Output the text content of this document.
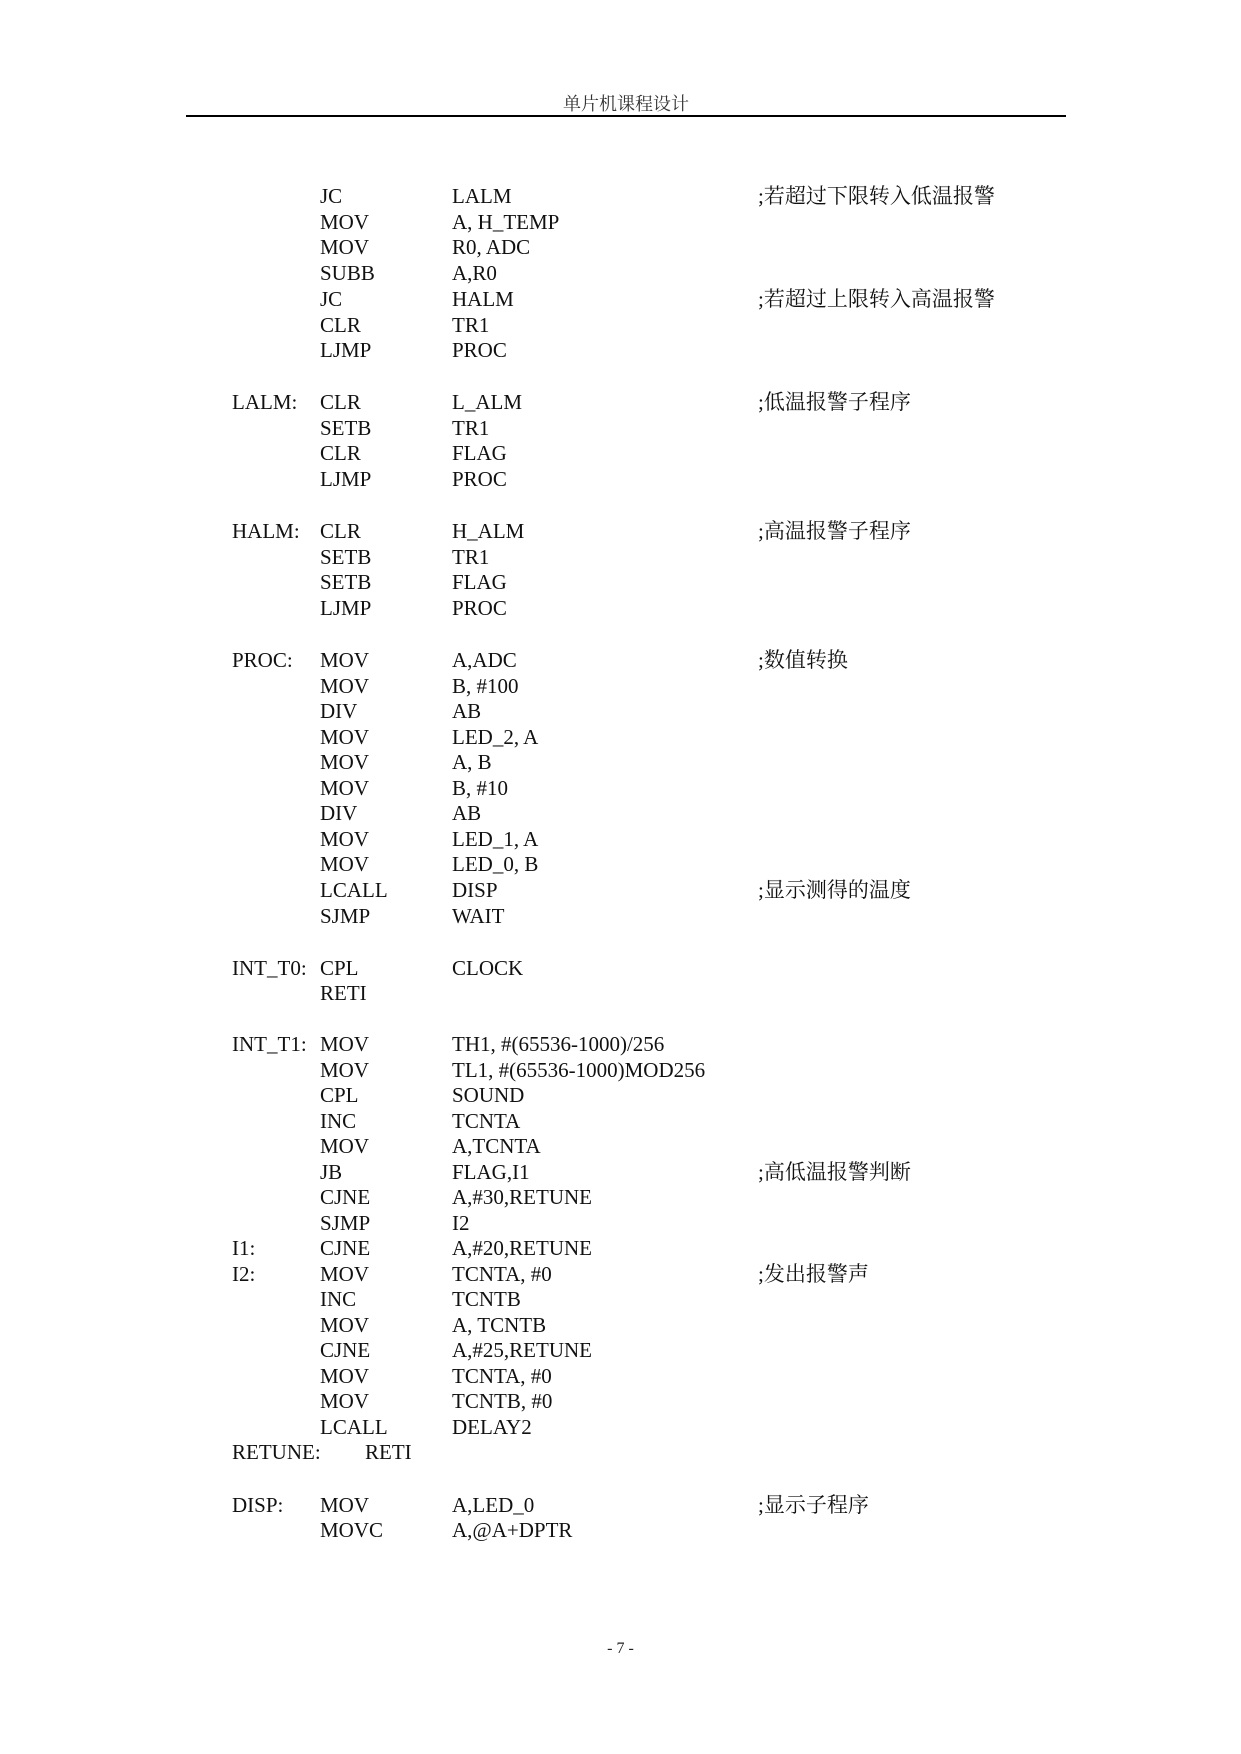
单片机课程设计
JC	LALM	;若超过下限转入低温报警
MOV	A, H_TEMP
MOV	R0, ADC
SUBB	A,R0
JC	HALM	;若超过上限转入高温报警
CLR	TR1
LJMP	PROC
LALM: CLR	L_ALM	;低温报警子程序
SETB	TR1
CLR	FLAG
LJMP	PROC
HALM: CLR	H_ALM	;高温报警子程序
SETB	TR1
SETB	FLAG
LJMP	PROC
PROC: MOV	A,ADC	;数值转换
MOV	B, #100
DIV	AB
MOV	LED_2, A
MOV	A, B
MOV	B, #10
DIV	AB
MOV	LED_1, A
MOV	LED_0, B
LCALL	DISP	;显示测得的温度
SJMP	WAIT
INT_T0: CPL	CLOCK
RETI
INT_T1: MOV	TH1, #(65536-1000)/256
MOV	TL1, #(65536-1000)MOD256
CPL	SOUND
INC	TCNTA
MOV	A,TCNTA
JB	FLAG,I1	;高低温报警判断
CJNE	A,#30,RETUNE
SJMP	I2
I1:	CJNE	A,#20,RETUNE
I2:	MOV	TCNTA, #0	;发出报警声
INC	TCNTB
MOV	A, TCNTB
CJNE	A,#25,RETUNE
MOV	TCNTA, #0
MOV	TCNTB, #0
LCALL	DELAY2
RETUNE: RETI
DISP: MOV	A,LED_0	;显示子程序
MOVC	A,@A+DPTR
- 7 -
